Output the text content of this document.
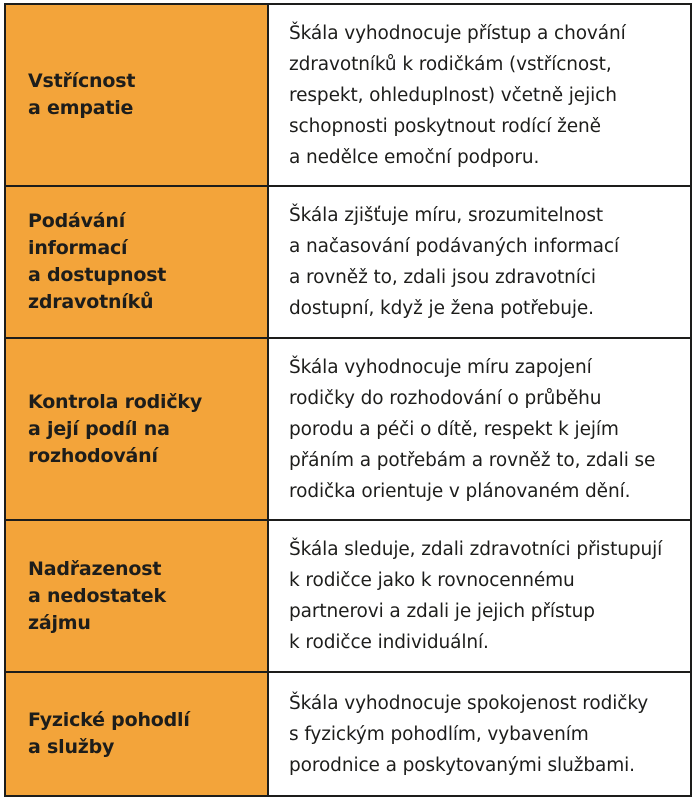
Vstřícnost
a empatie	Škála vyhodnocuje přístup a chování
zdravotníků k rodičkám (vstřícnost,
respekt, ohleduplnost) včetně jejich
schopnosti poskytnout rodící ženě
a nedělce emoční podporu.

Podávání
informací
a dostupnost
zdravotníků	Škála zjišťuje míru, srozumitelnost
a načasování podávaných informací
a rovněž to, zdali jsou zdravotníci
dostupní, když je žena potřebuje.

Kontrola rodičky
a její podíl na
rozhodování	Škála vyhodnocuje míru zapojení
rodičky do rozhodování o průběhu
porodu a péči o dítě, respekt k jejím
přáním a potřebám a rovněž to, zdali se
rodička orientuje v plánovaném dění.

Nadřazenost
a nedostatek
zájmu	Škála sleduje, zdali zdravotníci přistupují
k rodičce jako k rovnocennému
partnerovi a zdali je jejich přístup
k rodičce individuální.

Fyzické pohodlí
a služby	Škála vyhodnocuje spokojenost rodičky
s fyzickým pohodlím, vybavením
porodnice a poskytovanými službami.
